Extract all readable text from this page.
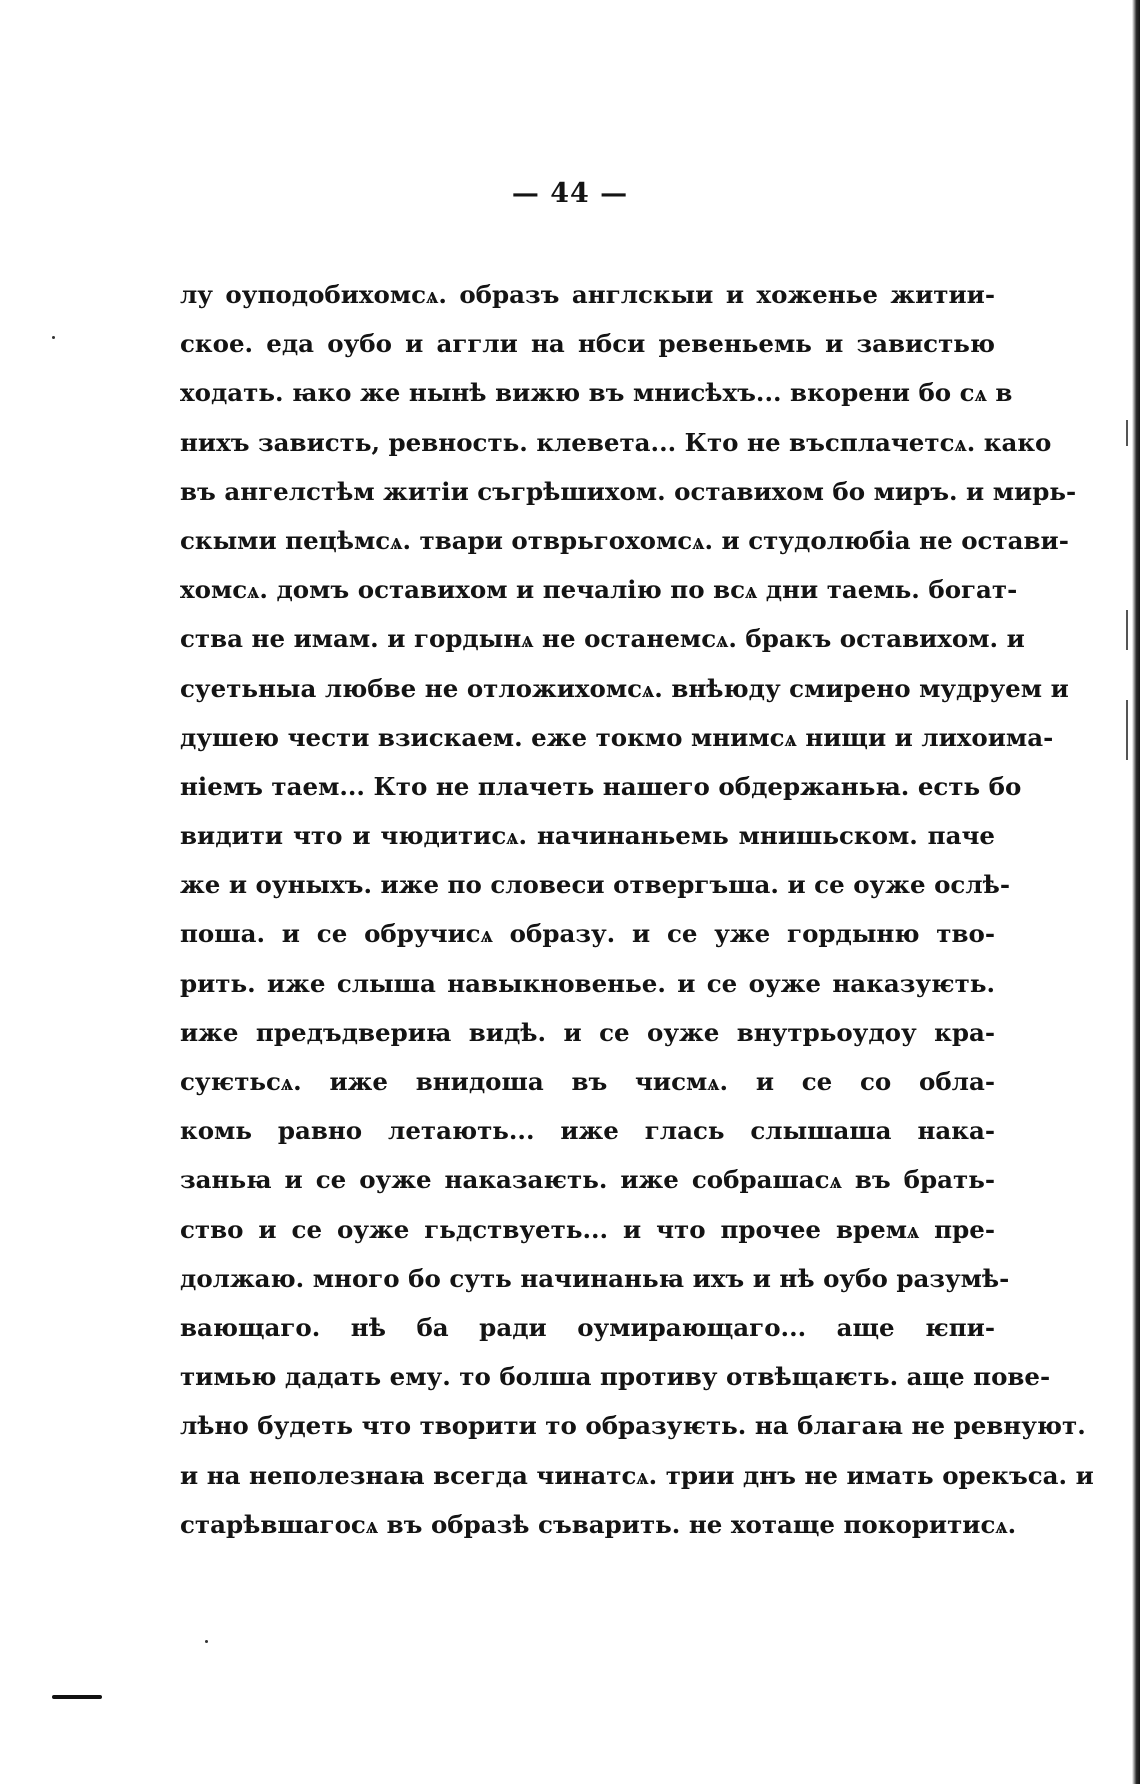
— 44 —
лу оуподобихомсѧ. образъ англскыи и хоженье житии-
ское. еда оубо и аггли на нбси ревеньемь и завистью
ходать. ꙗко же нынѣ вижю въ мнисѣхъ... вкорени бо сѧ в
нихъ зависть, ревность. клевета... Кто не въсплачетсѧ. како
въ ангелстѣм житiи съгрѣшихом. оставихом бо миръ. и мирь-
скыми пецѣмсѧ. твари отврьгохомсѧ. и студолюбiа не остави-
хомсѧ. домъ оставихом и печалiю по всѧ дни таемь. богат-
ства не имам. и гордынѧ не останемсѧ. бракъ оставихом. и
суетьныа любве не отложихомсѧ. внѣюду смирено мудруем и
душею чести взискаем. еже токмо мнимсѧ нищи и лихоима-
нiемъ таем... Кто не плачеть нашего обдержаньꙗ. есть бо
видити что и чюдитисѧ. начинаньемь мнишьском. паче
же и оуныхъ. иже по словеси отвергъша. и се оуже ослѣ-
поша. и се обручисѧ образу. и се уже гордыню тво-
рить. иже слыша навыкновенье. и се оуже наказуѥть.
иже предъдвериꙗ видѣ. и се оуже внутрьоудоу кра-
суѥтьсѧ. иже внидоша въ чисмѧ. и се со обла-
комь равно летають... иже глась слышаша нака-
заньꙗ и се оуже наказаѥть. иже собрашасѧ въ брать-
ство и се оуже гьдствуеть... и что прочее времѧ пре-
должаю. много бо суть начинаньꙗ ихъ и нѣ оубо разумѣ-
вающаго. нѣ ба ради оумирающаго... аще ѥпи-
тимью дадать ему. то болша противу отвѣщаѥть. аще повe-
лѣно будеть что творити то образуѥть. на благаꙗ не ревнуют.
и на неполезнаꙗ всегда чинатсѧ. трии днъ не имать орекъса. и
старѣвшагосѧ въ образѣ съварить. не хотаще покоритисѧ.
